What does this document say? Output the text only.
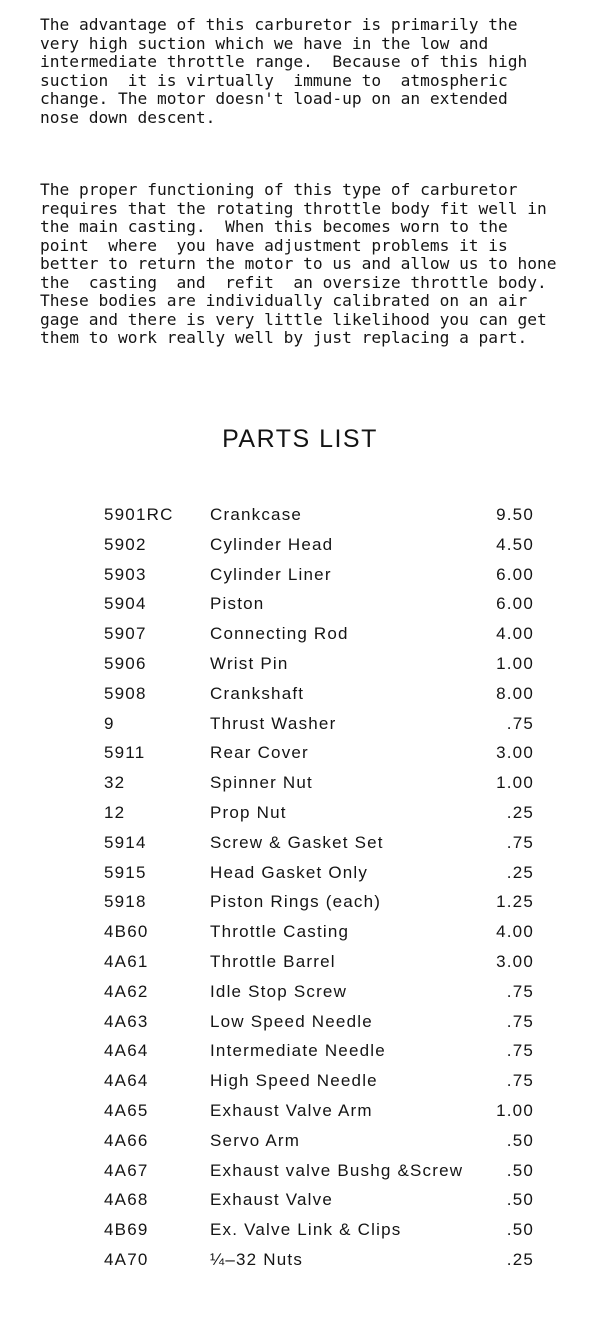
The advantage of this carburetor is primarily the
very high suction which we have in the low and
intermediate throttle range.  Because of this high
suction  it is virtually  immune to  atmospheric
change. The motor doesn't load-up on an extended
nose down descent.
The proper functioning of this type of carburetor
requires that the rotating throttle body fit well in
the main casting.  When this becomes worn to the
point  where  you have adjustment problems it is
better to return the motor to us and allow us to hone
the  casting  and  refit  an oversize throttle body.
These bodies are individually calibrated on an air
gage and there is very little likelihood you can get
them to work really well by just replacing a part.
PARTS LIST
5901RC Crankcase	9.50
5902	Cylinder Head	4.50
5903	Cylinder Liner	6.00
5904	Piston	6.00
5907	Connecting Rod	4.00
5906	Wrist Pin	1.00
5908	Crankshaft	8.00
9	Thrust Washer	.75
5911	Rear Cover	3.00
32	Spinner Nut	1.00
12	Prop Nut	.25
5914	Screw & Gasket Set	.75
5915	Head Gasket Only	.25
5918	Piston Rings (each)	1.25
4B60	Throttle Casting	4.00
4A61	Throttle Barrel	3.00
4A62	Idle Stop Screw	.75
4A63	Low Speed Needle	.75
4A64	Intermediate Needle	.75
4A64	High Speed Needle	.75
4A65	Exhaust Valve Arm	1.00
4A66	Servo Arm	.50
4A67	Exhaust valve Bushg &Screw	.50
4A68	Exhaust Valve	.50
4B69	Ex. Valve Link & Clips	.50
4A70	¼–32 Nuts	.25
